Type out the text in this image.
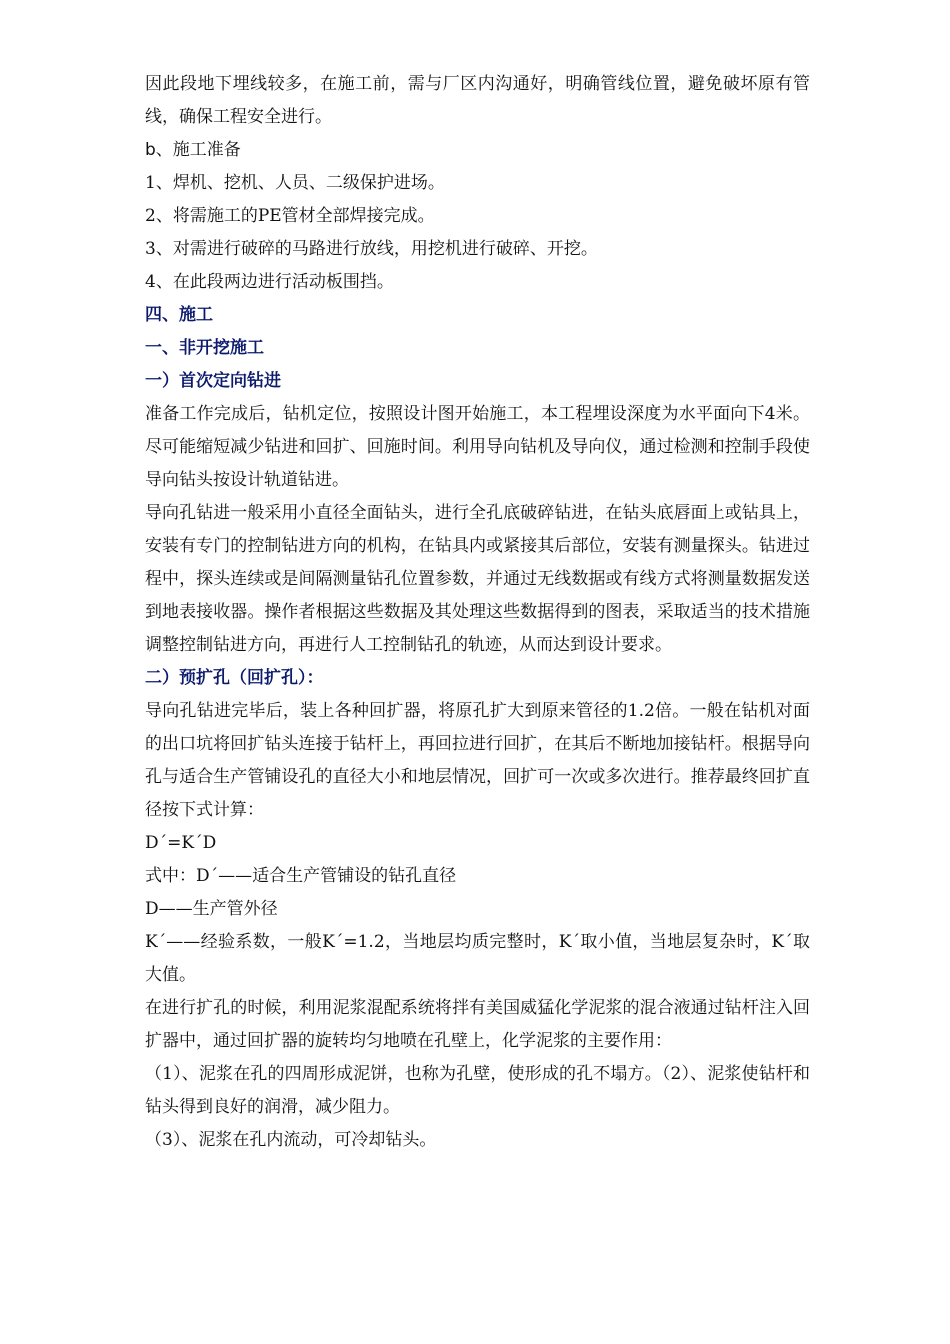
因此段地下埋线较多，在施工前，需与厂区内沟通好，明确管线位置，避免破坏原有管线，确保工程安全进行。

b、施工准备

1、焊机、挖机、人员、二级保护进场。

2、将需施工的PE管材全部焊接完成。

3、对需进行破碎的马路进行放线，用挖机进行破碎、开挖。

4、在此段两边进行活动板围挡。

四、施工

一、非开挖施工

一）首次定向钻进

准备工作完成后，钻机定位，按照设计图开始施工，本工程埋设深度为水平面向下4米。尽可能缩短减少钻进和回扩、回施时间。利用导向钻机及导向仪，通过检测和控制手段使导向钻头按设计轨道钻进。

导向孔钻进一般采用小直径全面钻头，进行全孔底破碎钻进，在钻头底唇面上或钻具上，安装有专门的控制钻进方向的机构，在钻具内或紧接其后部位，安装有测量探头。钻进过程中，探头连续或是间隔测量钻孔位置参数，并通过无线数据或有线方式将测量数据发送到地表接收器。操作者根据这些数据及其处理这些数据得到的图表，采取适当的技术措施调整控制钻进方向，再进行人工控制钻孔的轨迹，从而达到设计要求。

二）预扩孔（回扩孔）：

导向孔钻进完毕后，装上各种回扩器，将原孔扩大到原来管径的1.2倍。一般在钻机对面的出口坑将回扩钻头连接于钻杆上，再回拉进行回扩，在其后不断地加接钻杆。根据导向孔与适合生产管铺设孔的直径大小和地层情况，回扩可一次或多次进行。推荐最终回扩直径按下式计算：

D´=K´D

式中：D´——适合生产管铺设的钻孔直径

D——生产管外径

K´——经验系数，一般K´=1.2，当地层均质完整时，K´取小值，当地层复杂时，K´取大值。

在进行扩孔的时候，利用泥浆混配系统将拌有美国威猛化学泥浆的混合液通过钻杆注入回扩器中，通过回扩器的旋转均匀地喷在孔壁上，化学泥浆的主要作用：

（1）、泥浆在孔的四周形成泥饼，也称为孔壁，使形成的孔不塌方。（2）、泥浆使钻杆和钻头得到良好的润滑，减少阻力。

（3）、泥浆在孔内流动，可冷却钻头。
